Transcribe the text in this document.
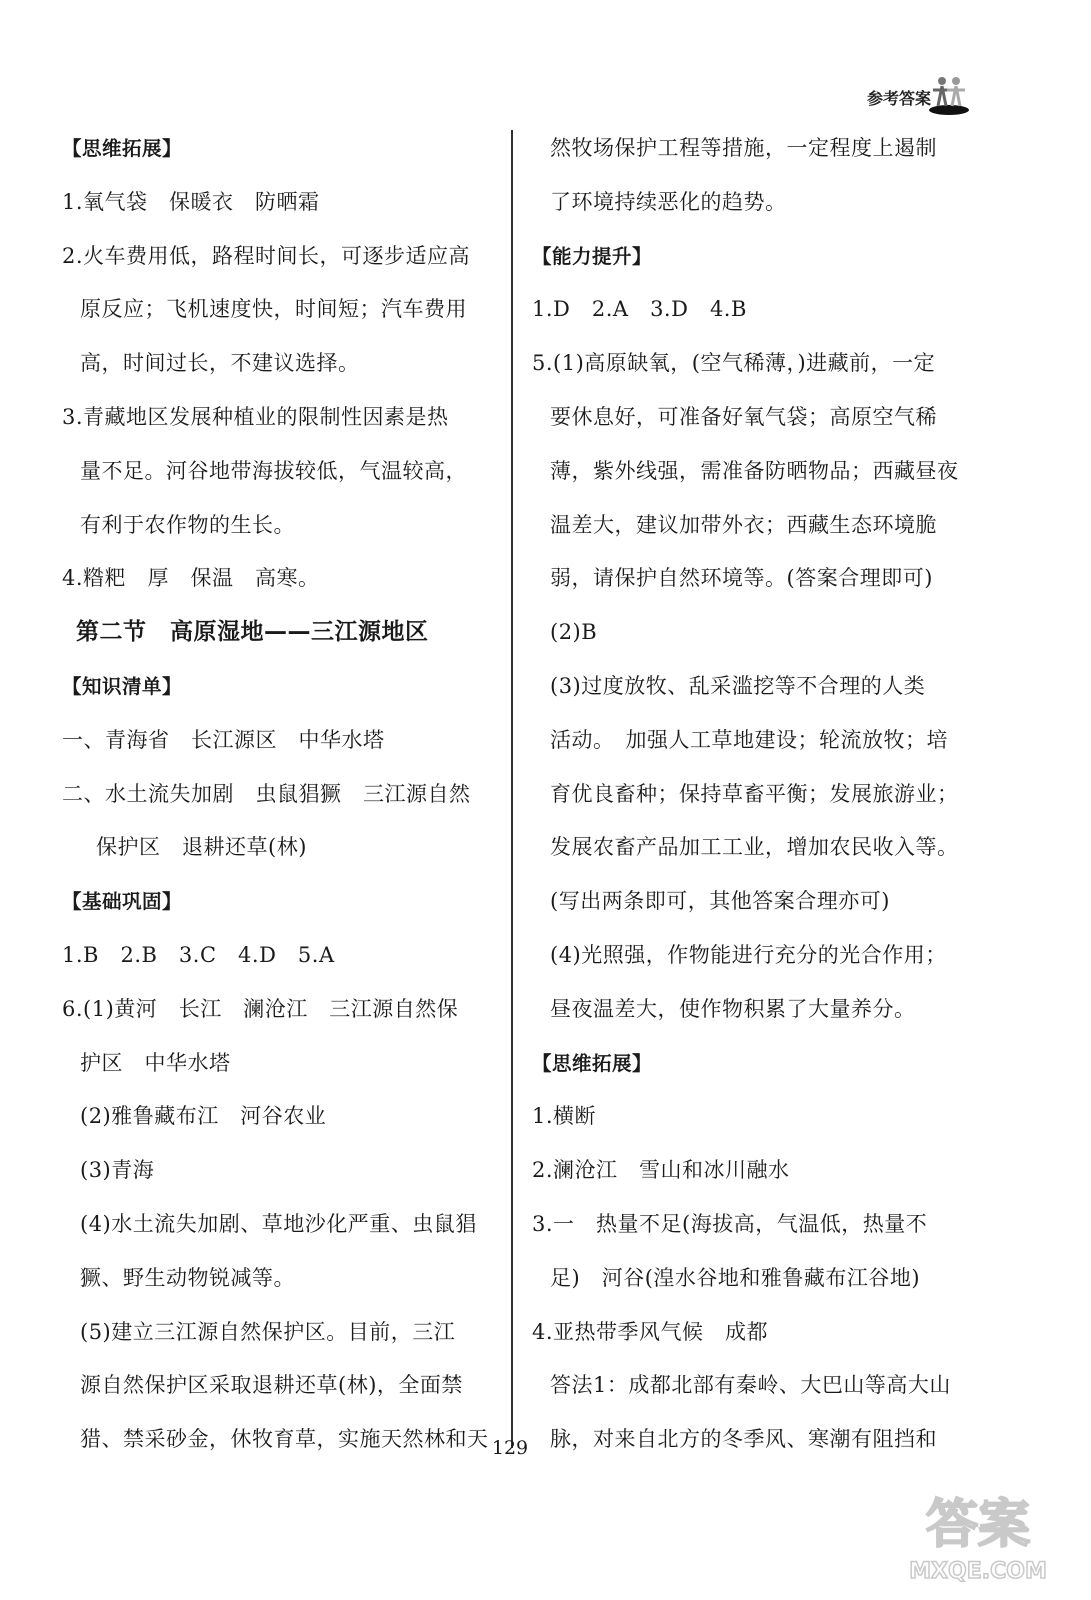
参考答案
【思维拓展】
1.氧气袋　保暖衣　防晒霜
2.火车费用低，路程时间长，可逐步适应高
原反应；飞机速度快，时间短；汽车费用
高，时间过长，不建议选择。
3.青藏地区发展种植业的限制性因素是热
量不足。河谷地带海拔较低，气温较高，
有利于农作物的生长。
4.糌粑　厚　保温　高寒。
第二节　高原湿地——三江源地区
【知识清单】
一、青海省　长江源区　中华水塔
二、水土流失加剧　虫鼠猖獗　三江源自然
保护区　退耕还草(林)
【基础巩固】
1.B　2.B　3.C　4.D　5.A
6.(1)黄河　长江　澜沧江　三江源自然保
护区　中华水塔
(2)雅鲁藏布江　河谷农业
(3)青海
(4)水土流失加剧、草地沙化严重、虫鼠猖
獗、野生动物锐减等。
(5)建立三江源自然保护区。目前，三江
源自然保护区采取退耕还草(林)，全面禁
猎、禁采砂金，休牧育草，实施天然林和天
然牧场保护工程等措施，一定程度上遏制
了环境持续恶化的趋势。
【能力提升】
1.D　2.A　3.D　4.B
5.(1)高原缺氧，(空气稀薄，)进藏前，一定
要休息好，可准备好氧气袋；高原空气稀
薄，紫外线强，需准备防晒物品；西藏昼夜
温差大，建议加带外衣；西藏生态环境脆
弱，请保护自然环境等。(答案合理即可)
(2)B
(3)过度放牧、乱采滥挖等不合理的人类
活动。　加强人工草地建设；轮流放牧；培
育优良畜种；保持草畜平衡；发展旅游业；
发展农畜产品加工工业，增加农民收入等。
(写出两条即可，其他答案合理亦可)
(4)光照强，作物能进行充分的光合作用；
昼夜温差大，使作物积累了大量养分。
【思维拓展】
1.横断
2.澜沧江　雪山和冰川融水
3.一　热量不足(海拔高，气温低，热量不
足)　河谷(湟水谷地和雅鲁藏布江谷地)
4.亚热带季风气候　成都
答法1：成都北部有秦岭、大巴山等高大山
脉，对来自北方的冬季风、寒潮有阻挡和
129
答案
MXQE.COM
